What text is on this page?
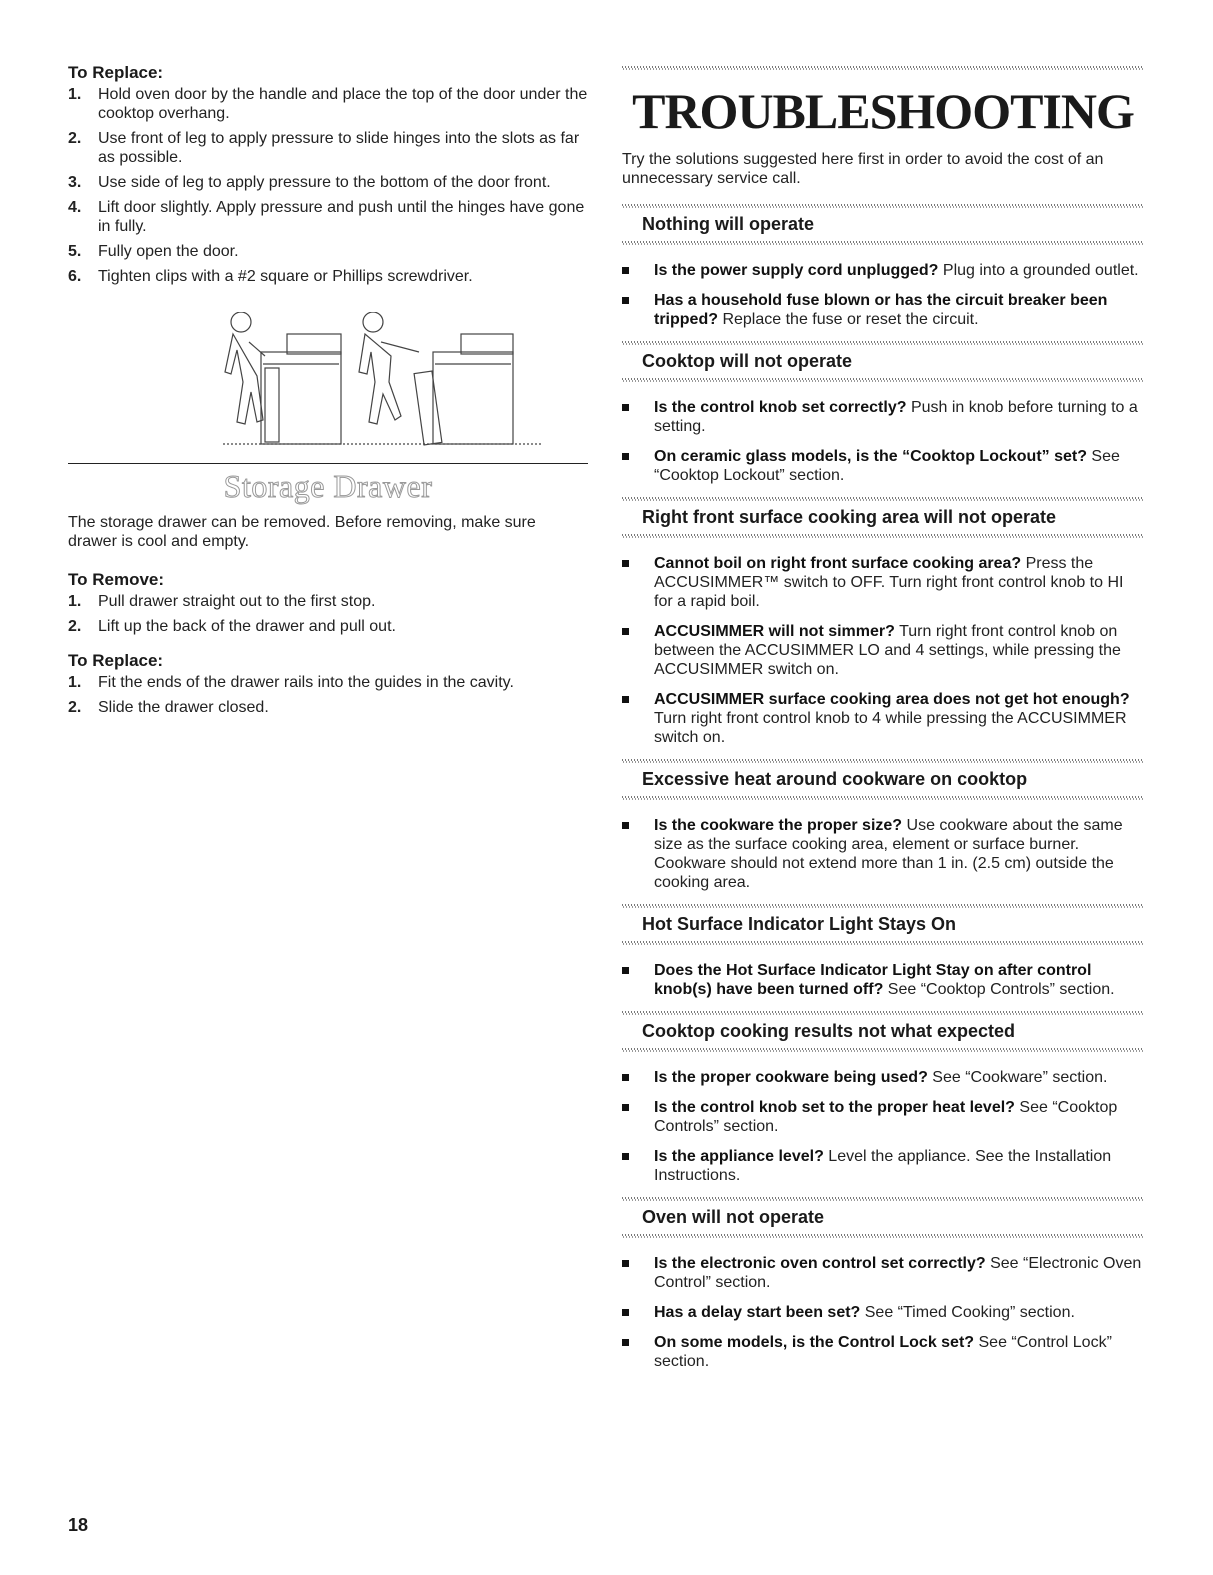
To Replace:
1. Hold oven door by the handle and place the top of the door under the cooktop overhang.
2. Use front of leg to apply pressure to slide hinges into the slots as far as possible.
3. Use side of leg to apply pressure to the bottom of the door front.
4. Lift door slightly. Apply pressure and push until the hinges have gone in fully.
5. Fully open the door.
6. Tighten clips with a #2 square or Phillips screwdriver.
Storage Drawer

The storage drawer can be removed. Before removing, make sure drawer is cool and empty.

To Remove:
1. Pull drawer straight out to the first stop.
2. Lift up the back of the drawer and pull out.
To Replace:
1. Fit the ends of the drawer rails into the guides in the cavity.
2. Slide the drawer closed.
TROUBLESHOOTING

Try the solutions suggested here first in order to avoid the cost of an unnecessary service call.

Nothing will operate
Is the power supply cord unplugged? Plug into a grounded outlet.
Has a household fuse blown or has the circuit breaker been tripped? Replace the fuse or reset the circuit.
Cooktop will not operate
Is the control knob set correctly? Push in knob before turning to a setting.
On ceramic glass models, is the “Cooktop Lockout” set? See “Cooktop Lockout” section.
Right front surface cooking area will not operate
Cannot boil on right front surface cooking area? Press the ACCUSIMMER™ switch to OFF. Turn right front control knob to HI for a rapid boil.
ACCUSIMMER will not simmer? Turn right front control knob on between the ACCUSIMMER LO and 4 settings, while pressing the ACCUSIMMER switch on.
ACCUSIMMER surface cooking area does not get hot enough? Turn right front control knob to 4 while pressing the ACCUSIMMER switch on.
Excessive heat around cookware on cooktop
Is the cookware the proper size? Use cookware about the same size as the surface cooking area, element or surface burner. Cookware should not extend more than 1 in. (2.5 cm) outside the cooking area.
Hot Surface Indicator Light Stays On
Does the Hot Surface Indicator Light Stay on after control knob(s) have been turned off? See “Cooktop Controls” section.
Cooktop cooking results not what expected
Is the proper cookware being used? See “Cookware” section.
Is the control knob set to the proper heat level? See “Cooktop Controls” section.
Is the appliance level? Level the appliance. See the Installation Instructions.
Oven will not operate
Is the electronic oven control set correctly? See “Electronic Oven Control” section.
Has a delay start been set? See “Timed Cooking” section.
On some models, is the Control Lock set? See “Control Lock” section.
18
